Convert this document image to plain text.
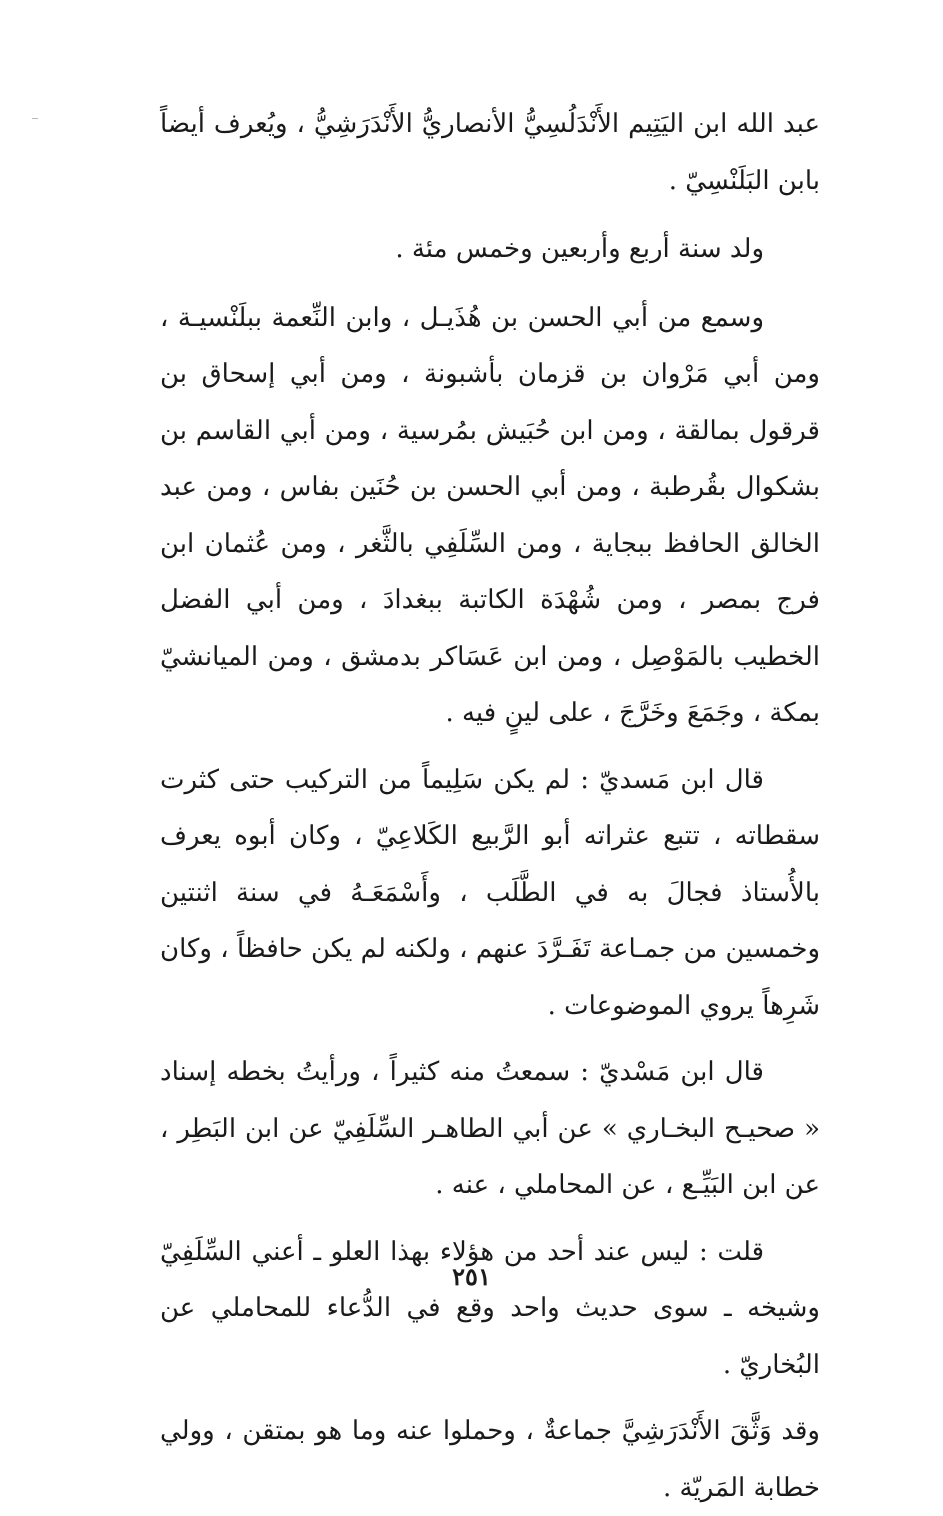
عبد الله ابن اليَتِيم الأَنْدَلُسِيُّ الأنصاريُّ الأَنْدَرَشِيُّ ، ويُعرف أيضاً بابن البَلَنْسِيّ .

ولد سنة أربع وأربعين وخمس مئة .

وسمع من أبي الحسن بن هُذَيـل ، وابن النِّعمة ببلَنْسيـة ، ومن أبي مَرْوان بن قزمان بأشبونة ، ومن أبي إسحاق بن قرقول بمالقة ، ومن ابن حُبَيش بمُرسية ، ومن أبي القاسم بن بشكوال بقُرطبة ، ومن أبي الحسن بن حُنَين بفاس ، ومن عبد الخالق الحافظ ببجاية ، ومن السِّلَفِي بالثَّغر ، ومن عُثمان ابن فرج بمصر ، ومن شُهْدَة الكاتبة ببغدادَ ، ومن أبي الفضل الخطيب بالمَوْصِل ، ومن ابن عَسَاكر بدمشق ، ومن الميانشيّ بمكة ، وجَمَعَ وخَرَّجَ ، على لينٍ فيه .

قال ابن مَسديّ : لم يكن سَلِيماً من التركيب حتى كثرت سقطاته ، تتبع عثراته أبو الرَّبيع الكَلاعِيّ ، وكان أبوه يعرف بالأُستاذ فجالَ به في الطَّلَب ، وأَسْمَعَـهُ في سنة اثنتين وخمسين من جمـاعة تَفَـرَّدَ عنهم ، ولكنه لم يكن حافظاً ، وكان شَرِهاً يروي الموضوعات .

قال ابن مَسْديّ : سمعتُ منه كثيراً ، ورأيتُ بخطه إسناد « صحيـح البخـاري » عن أبي الطاهـر السِّلَفِيّ عن ابن البَطِر ، عن ابن البَيِّـع ، عن المحاملي ، عنه .

قلت : ليس عند أحد من هؤلاء بهذا العلو ـ أعني السِّلَفِيّ وشيخه ـ سوى حديث واحد وقع في الدُّعاء للمحاملي عن البُخاريّ .

وقد وَثَّقَ الأَنْدَرَشِيَّ جماعةٌ ، وحملوا عنه وما هو بمتقن ، وولي خطابة المَريّة .

٢٥١
